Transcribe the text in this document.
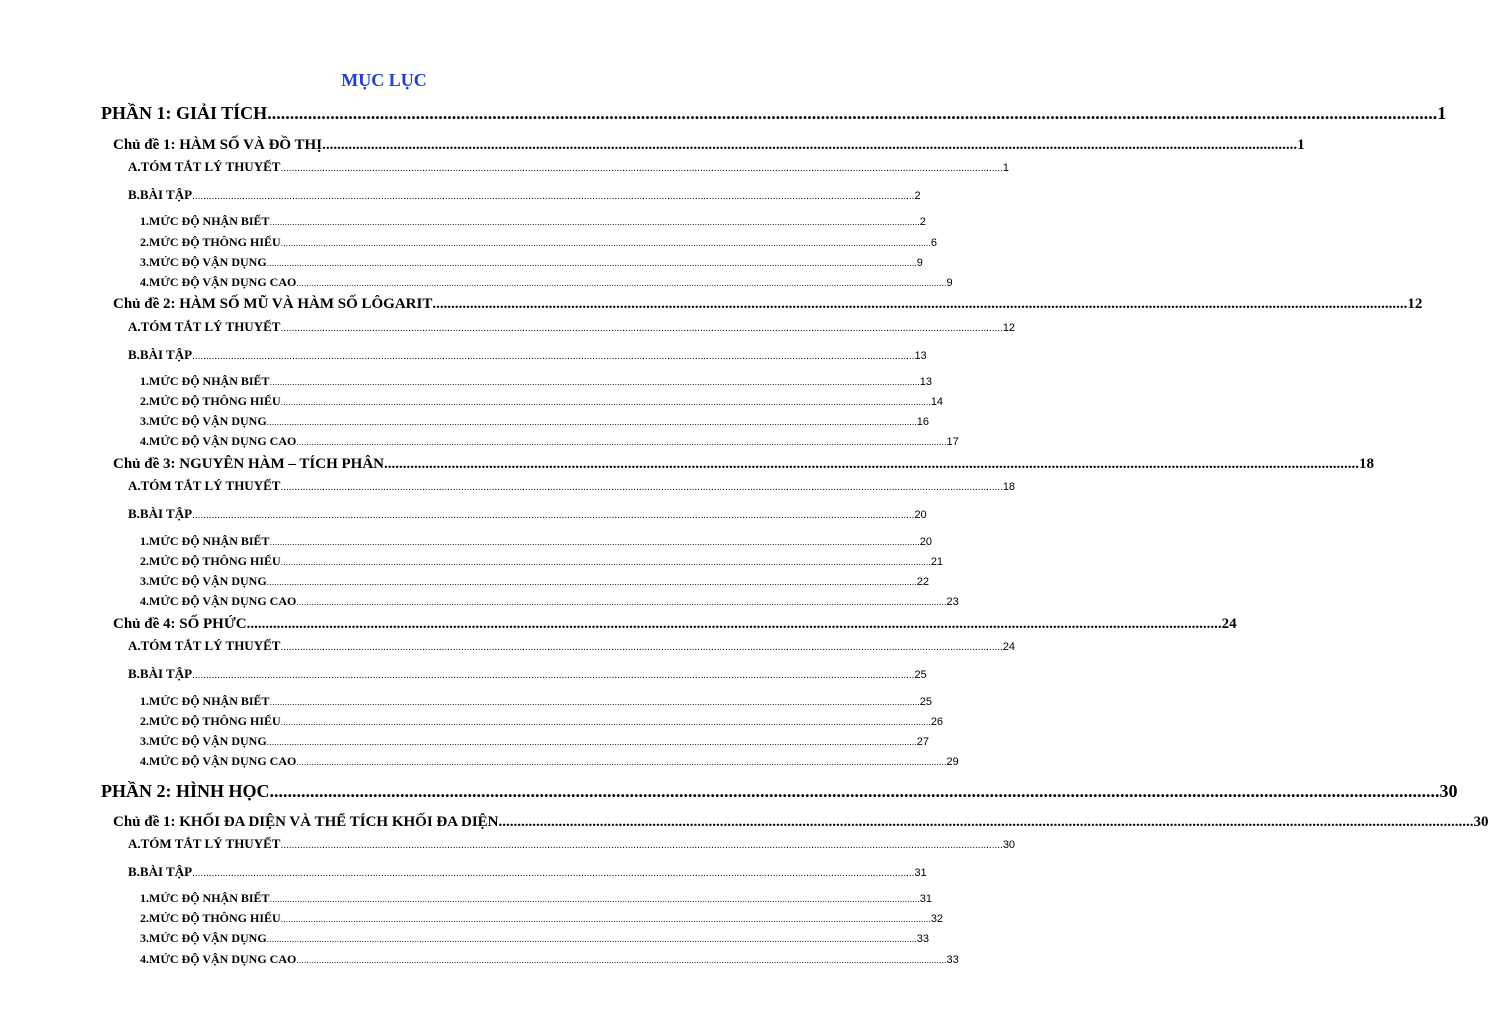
MỤC LỤC
PHẦN 1: GIẢI TÍCH .................................................................................................................................................................................................................................................................... 1
Chủ đề 1: HÀM SỐ VÀ ĐỒ THỊ .................................................................................................................................................................................................................................................................... 1
A. TÓM TẮT LÝ THUYẾT .................................................................................................................................................................................................................................................................... 1
B. BÀI TẬP .................................................................................................................................................................................................................................................................... 2
1. MỨC ĐỘ NHẬN BIẾT .................................................................................................................................................................................................................................................................... 2
2. MỨC ĐỘ THÔNG HIỂU .................................................................................................................................................................................................................................................................... 6
3. MỨC ĐỘ VẬN DỤNG .................................................................................................................................................................................................................................................................... 9
4. MỨC ĐỘ VẬN DỤNG CAO .................................................................................................................................................................................................................................................................... 9
Chủ đề 2: HÀM SỐ MŨ VÀ HÀM SỐ LÔGARIT .................................................................................................................................................................................................................................................................... 12
A. TÓM TẮT LÝ THUYẾT .................................................................................................................................................................................................................................................................... 12
B. BÀI TẬP .................................................................................................................................................................................................................................................................... 13
1. MỨC ĐỘ NHẬN BIẾT .................................................................................................................................................................................................................................................................... 13
2. MỨC ĐỘ THÔNG HIỂU .................................................................................................................................................................................................................................................................... 14
3. MỨC ĐỘ VẬN DỤNG .................................................................................................................................................................................................................................................................... 16
4. MỨC ĐỘ VẬN DỤNG CAO .................................................................................................................................................................................................................................................................... 17
Chủ đề 3: NGUYÊN HÀM – TÍCH PHÂN .................................................................................................................................................................................................................................................................... 18
A. TÓM TẮT LÝ THUYẾT .................................................................................................................................................................................................................................................................... 18
B. BÀI TẬP .................................................................................................................................................................................................................................................................... 20
1. MỨC ĐỘ NHẬN BIẾT .................................................................................................................................................................................................................................................................... 20
2. MỨC ĐỘ THÔNG HIỂU .................................................................................................................................................................................................................................................................... 21
3. MỨC ĐỘ VẬN DỤNG .................................................................................................................................................................................................................................................................... 22
4. MỨC ĐỘ VẬN DỤNG CAO .................................................................................................................................................................................................................................................................... 23
Chủ đề 4: SỐ PHỨC .................................................................................................................................................................................................................................................................... 24
A. TÓM TẮT LÝ THUYẾT .................................................................................................................................................................................................................................................................... 24
B. BÀI TẬP .................................................................................................................................................................................................................................................................... 25
1. MỨC ĐỘ NHẬN BIẾT .................................................................................................................................................................................................................................................................... 25
2. MỨC ĐỘ THÔNG HIỂU .................................................................................................................................................................................................................................................................... 26
3. MỨC ĐỘ VẬN DỤNG .................................................................................................................................................................................................................................................................... 27
4. MỨC ĐỘ VẬN DỤNG CAO .................................................................................................................................................................................................................................................................... 29
PHẦN 2: HÌNH HỌC .................................................................................................................................................................................................................................................................... 30
Chủ đề 1: KHỐI ĐA DIỆN VÀ THỂ TÍCH KHỐI ĐA DIỆN .................................................................................................................................................................................................................................................................... 30
A. TÓM TẮT LÝ THUYẾT .................................................................................................................................................................................................................................................................... 30
B. BÀI TẬP .................................................................................................................................................................................................................................................................... 31
1. MỨC ĐỘ NHẬN BIẾT .................................................................................................................................................................................................................................................................... 31
2. MỨC ĐỘ THÔNG HIỂU .................................................................................................................................................................................................................................................................... 32
3. MỨC ĐỘ VẬN DỤNG .................................................................................................................................................................................................................................................................... 33
4. MỨC ĐỘ VẬN DỤNG CAO .................................................................................................................................................................................................................................................................... 33
